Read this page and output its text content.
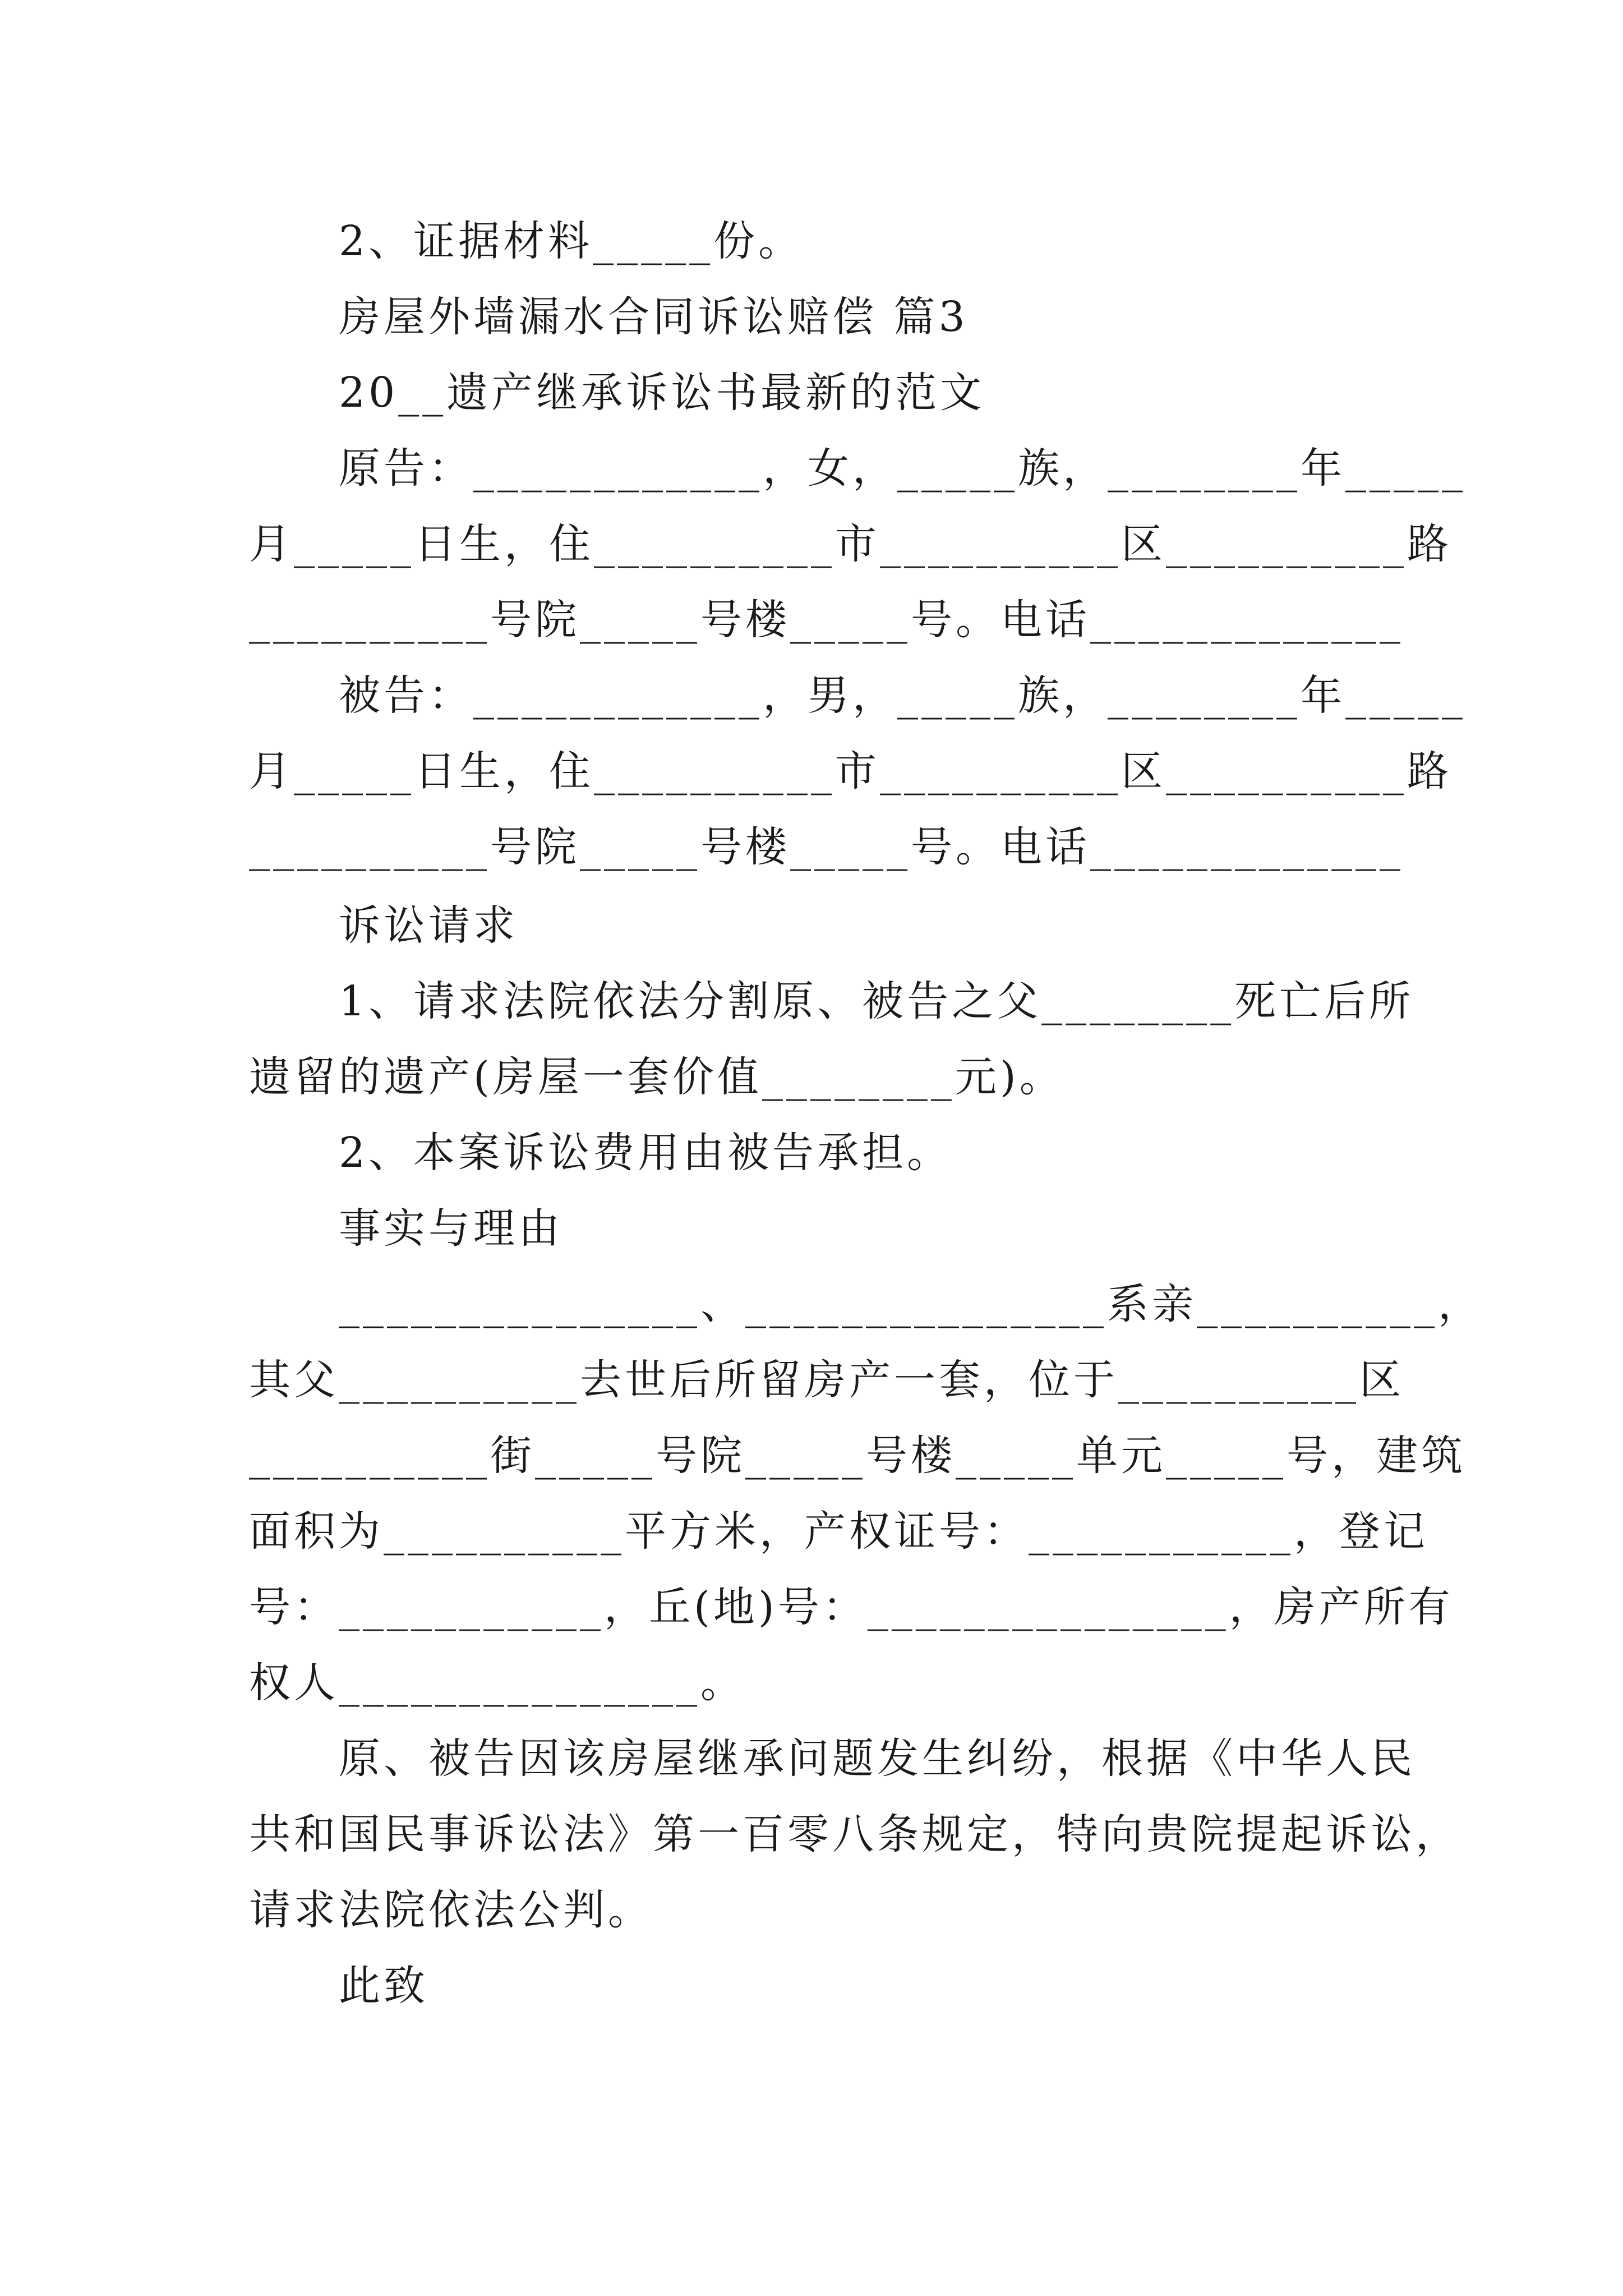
2、证据材料_____份。
房屋外墙漏水合同诉讼赔偿 篇3
20__遗产继承诉讼书最新的范文
原告：____________，女，_____族，________年_____
月_____日生，住__________市__________区__________路
__________号院_____号楼_____号。电话_____________
被告：____________，男，_____族，________年_____
月_____日生，住__________市__________区__________路
__________号院_____号楼_____号。电话_____________
诉讼请求
1、请求法院依法分割原、被告之父________死亡后所
遗留的遗产(房屋一套价值________元)。
2、本案诉讼费用由被告承担。
事实与理由
_______________、_______________系亲__________，
其父__________去世后所留房产一套，位于__________区
__________街_____号院_____号楼_____单元_____号，建筑
面积为__________平方米，产权证号：___________，登记
号：___________，丘(地)号：_______________，房产所有
权人_______________。
原、被告因该房屋继承问题发生纠纷，根据《中华人民
共和国民事诉讼法》第一百零八条规定，特向贵院提起诉讼，
请求法院依法公判。
此致
